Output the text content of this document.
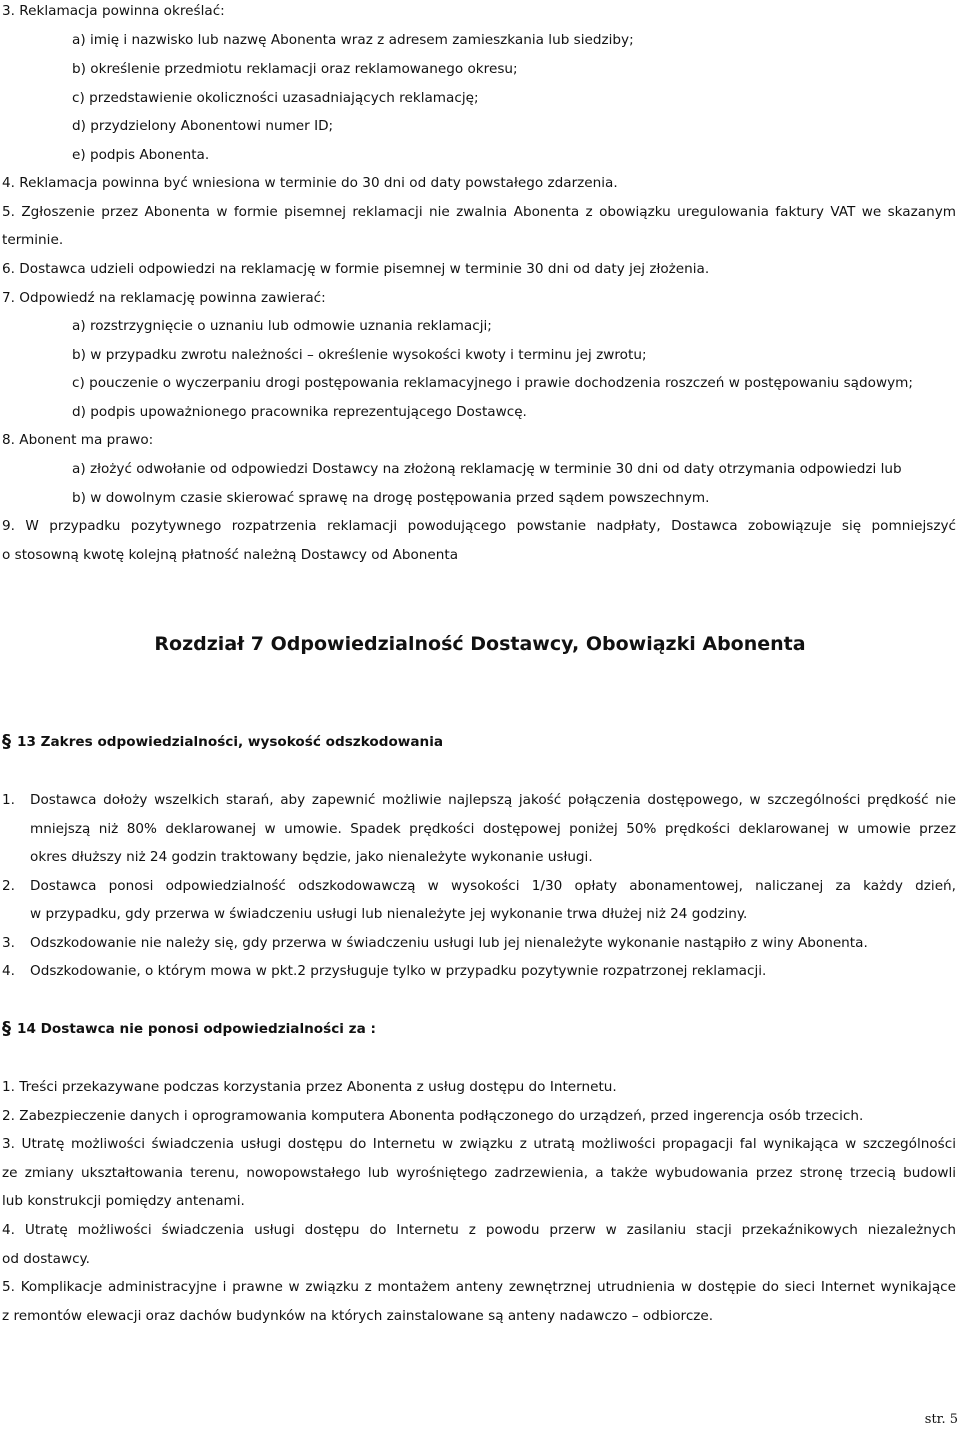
3. Reklamacja powinna określać:
a) imię i nazwisko lub nazwę Abonenta wraz z adresem zamieszkania lub siedziby;
b) określenie przedmiotu reklamacji oraz reklamowanego okresu;
c) przedstawienie okoliczności uzasadniających reklamację;
d) przydzielony Abonentowi numer ID;
e) podpis Abonenta.
4. Reklamacja powinna być wniesiona w terminie do 30 dni od daty powstałego zdarzenia.
5. Zgłoszenie przez Abonenta w formie pisemnej reklamacji nie zwalnia Abonenta z obowiązku uregulowania faktury VAT we skazanym
terminie.
6. Dostawca udzieli odpowiedzi na reklamację w formie pisemnej w terminie 30 dni od daty jej złożenia.
7. Odpowiedź na reklamację powinna zawierać:
a) rozstrzygnięcie o uznaniu lub odmowie uznania reklamacji;
b) w przypadku zwrotu należności – określenie wysokości kwoty i terminu jej zwrotu;
c) pouczenie o wyczerpaniu drogi postępowania reklamacyjnego i prawie dochodzenia roszczeń w postępowaniu sądowym;
d) podpis upoważnionego pracownika reprezentującego Dostawcę.
8. Abonent ma prawo:
a) złożyć odwołanie od odpowiedzi Dostawcy na złożoną reklamację w terminie 30 dni od daty otrzymania odpowiedzi lub
b) w dowolnym czasie skierować sprawę na drogę postępowania przed sądem powszechnym.
9. W przypadku pozytywnego rozpatrzenia reklamacji powodującego powstanie nadpłaty, Dostawca zobowiązuje się pomniejszyć
o stosowną kwotę kolejną płatność należną Dostawcy od Abonenta
Rozdział 7 Odpowiedzialność Dostawcy, Obowiązki Abonenta
§ 13 Zakres odpowiedzialności, wysokość odszkodowania
1. Dostawca dołoży wszelkich starań, aby zapewnić możliwie najlepszą jakość połączenia dostępowego, w szczególności prędkość nie
mniejszą niż 80% deklarowanej w umowie. Spadek prędkości dostępowej poniżej 50% prędkości deklarowanej w umowie przez
okres dłuższy niż 24 godzin traktowany będzie, jako nienależyte wykonanie usługi.
2. Dostawca ponosi odpowiedzialność odszkodowawczą w wysokości 1/30 opłaty abonamentowej, naliczanej za każdy dzień,
w przypadku, gdy przerwa w świadczeniu usługi lub nienależyte jej wykonanie trwa dłużej niż 24 godziny.
3. Odszkodowanie nie należy się, gdy przerwa w świadczeniu usługi lub jej nienależyte wykonanie nastąpiło z winy Abonenta.
4. Odszkodowanie, o którym mowa w pkt.2 przysługuje tylko w przypadku pozytywnie rozpatrzonej reklamacji.
§ 14 Dostawca nie ponosi odpowiedzialności za :
1. Treści przekazywane podczas korzystania przez Abonenta z usług dostępu do Internetu.
2. Zabezpieczenie danych i oprogramowania komputera Abonenta podłączonego do urządzeń, przed ingerencja osób trzecich.
3. Utratę możliwości świadczenia usługi dostępu do Internetu w związku z utratą możliwości propagacji fal wynikająca w szczególności
ze zmiany ukształtowania terenu, nowopowstałego lub wyrośniętego zadrzewienia, a także wybudowania przez stronę trzecią budowli
lub konstrukcji pomiędzy antenami.
4. Utratę możliwości świadczenia usługi dostępu do Internetu z powodu przerw w zasilaniu stacji przekaźnikowych niezależnych
od dostawcy.
5. Komplikacje administracyjne i prawne w związku z montażem anteny zewnętrznej utrudnienia w dostępie do sieci Internet wynikające
z remontów elewacji oraz dachów budynków na których zainstalowane są anteny nadawczo – odbiorcze.
str. 5
